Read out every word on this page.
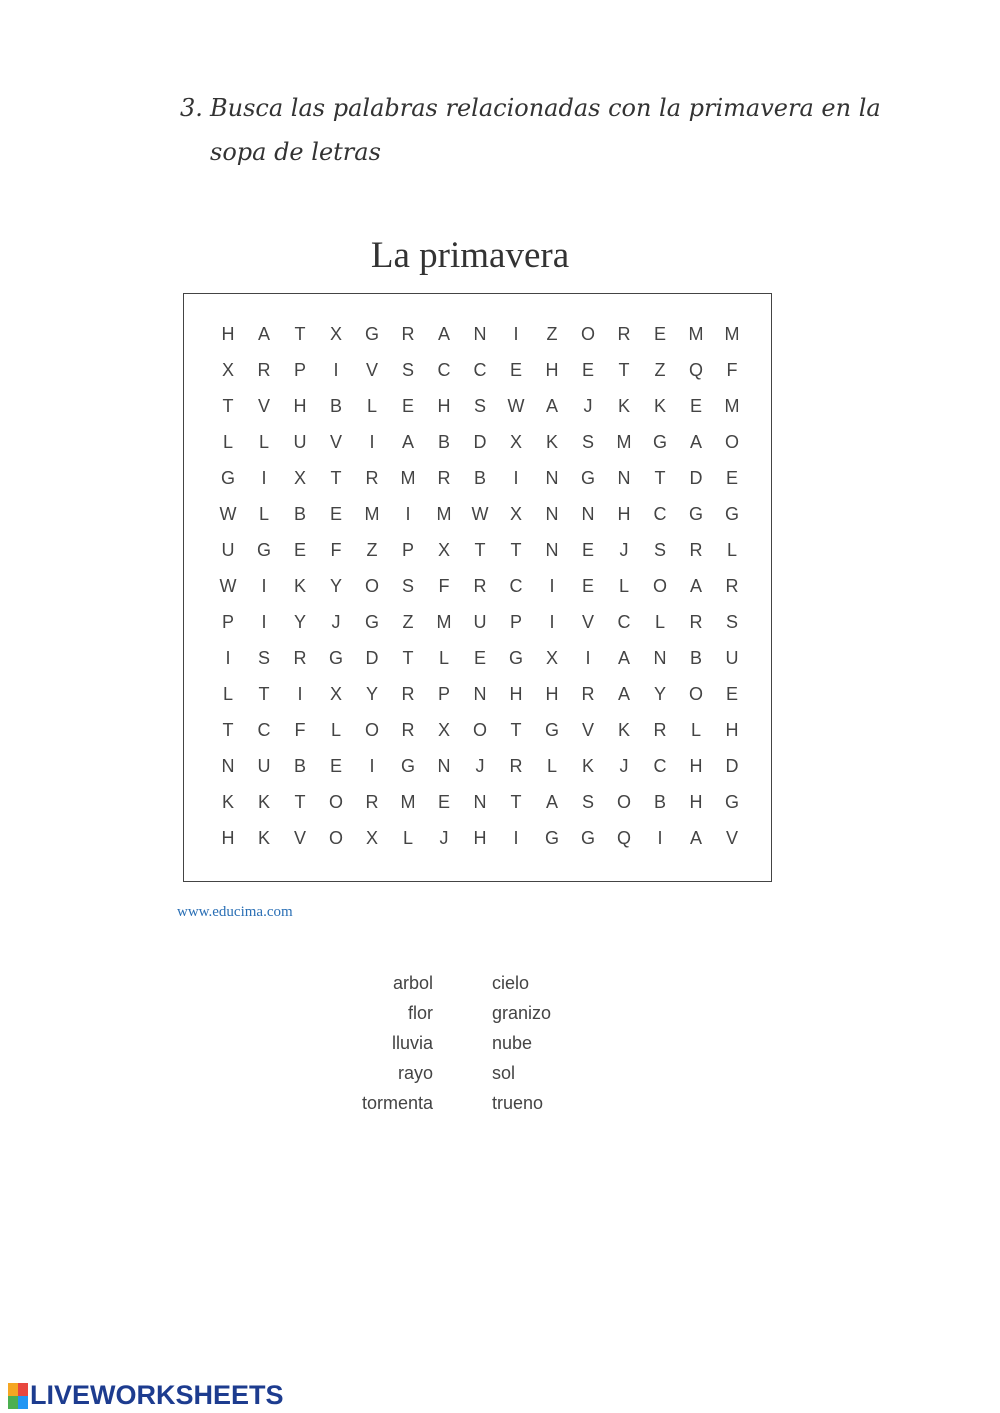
3. Busca las palabras relacionadas con la primavera en la
sopa de letras
La primavera
H	A	T	X	G	R	A	N	I	Z	O	R	E	M	M
X	R	P	I	V	S	C	C	E	H	E	T	Z	Q	F
T	V	H	B	L	E	H	S	W	A	J	K	K	E	M
L	L	U	V	I	A	B	D	X	K	S	M	G	A	O
G	I	X	T	R	M	R	B	I	N	G	N	T	D	E
W	L	B	E	M	I	M	W	X	N	N	H	C	G	G
U	G	E	F	Z	P	X	T	T	N	E	J	S	R	L
W	I	K	Y	O	S	F	R	C	I	E	L	O	A	R
P	I	Y	J	G	Z	M	U	P	I	V	C	L	R	S
I	S	R	G	D	T	L	E	G	X	I	A	N	B	U
L	T	I	X	Y	R	P	N	H	H	R	A	Y	O	E
T	C	F	L	O	R	X	O	T	G	V	K	R	L	H
N	U	B	E	I	G	N	J	R	L	K	J	C	H	D
K	K	T	O	R	M	E	N	T	A	S	O	B	H	G
H	K	V	O	X	L	J	H	I	G	G	Q	I	A	V
www.educima.com
arbol
flor
lluvia
rayo
tormenta
cielo
granizo
nube
sol
trueno
LIVEWORKSHEETS
